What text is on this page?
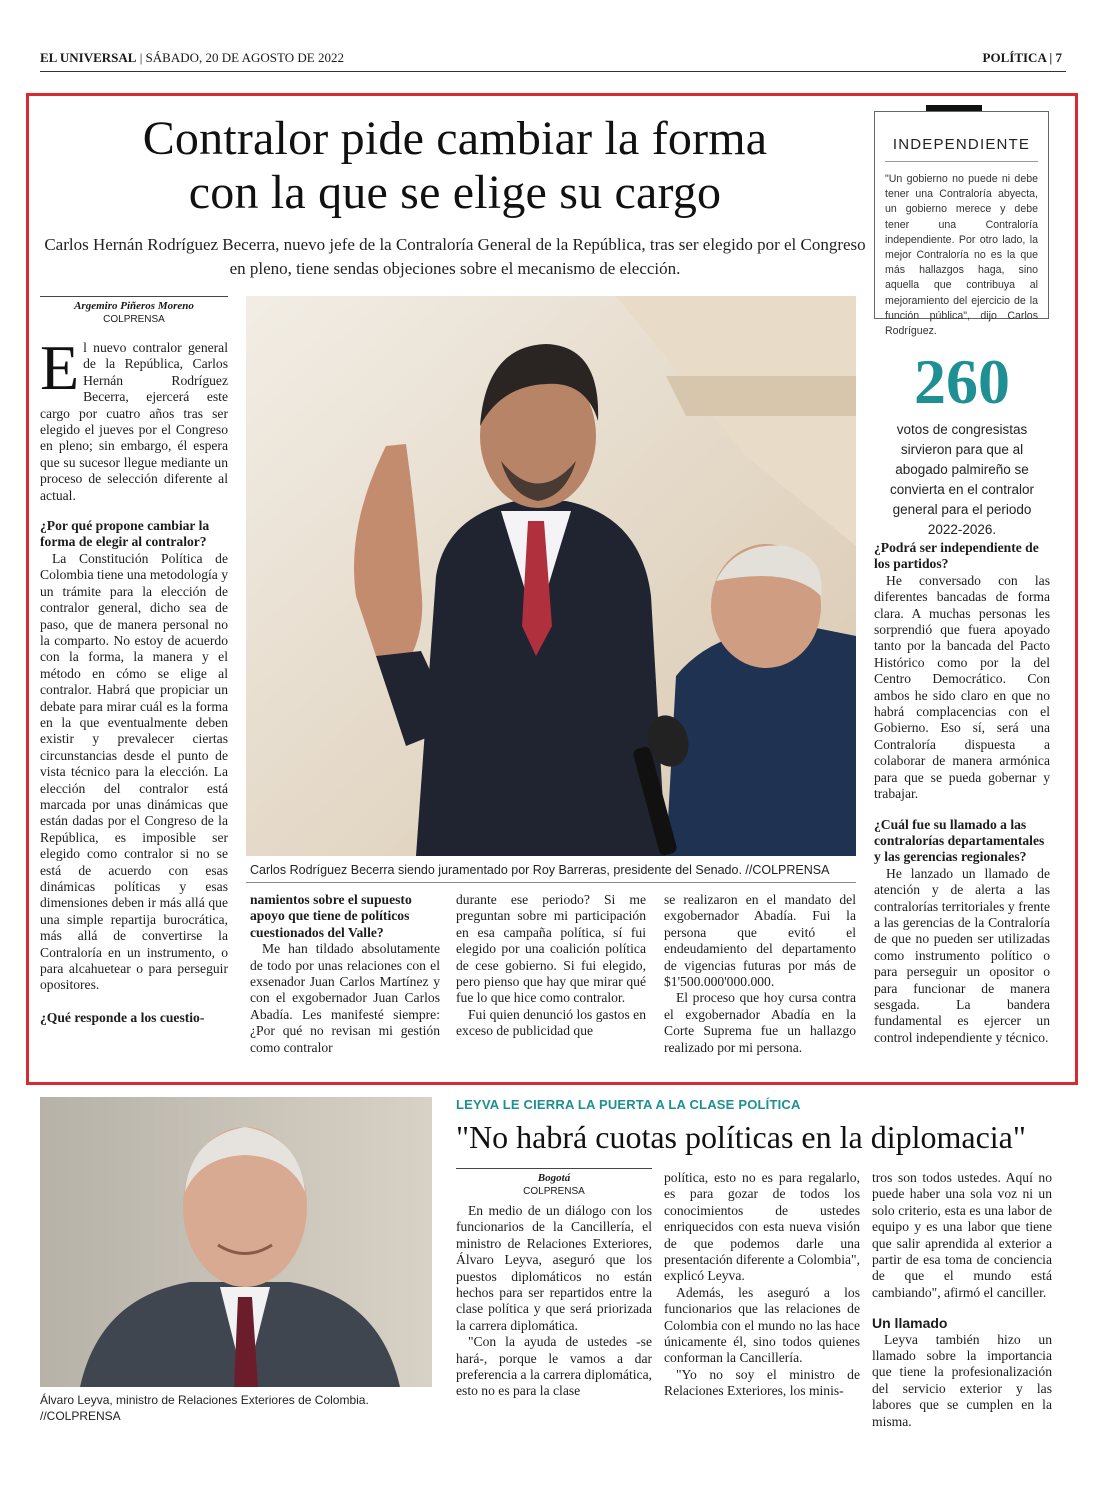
EL UNIVERSAL | SÁBADO, 20 DE AGOSTO DE 2022	POLÍTICA | 7
Contralor pide cambiar la forma
con la que se elige su cargo
Carlos Hernán Rodríguez Becerra, nuevo jefe de la Contraloría General de la República, tras ser elegido por el Congreso en pleno, tiene sendas objeciones sobre el mecanismo de elección.
Argemiro Piñeros Moreno
COLPRENSA

El nuevo contralor general de la República, Carlos Hernán Rodríguez Becerra, ejercerá este cargo por cuatro años tras ser elegido el jueves por el Congreso en pleno; sin embargo, él espera que su sucesor llegue mediante un proceso de selección diferente al actual.

¿Por qué propone cambiar la forma de elegir al contralor?

La Constitución Política de Colombia tiene una metodología y un trámite para la elección de contralor general, dicho sea de paso, que de manera personal no la comparto. No estoy de acuerdo con la forma, la manera y el método en cómo se elige al contralor. Habrá que propiciar un debate para mirar cuál es la forma en la que eventualmente deben existir y prevalecer ciertas circunstancias desde el punto de vista técnico para la elección. La elección del contralor está marcada por unas dinámicas que están dadas por el Congreso de la República, es imposible ser elegido como contralor si no se está de acuerdo con esas dinámicas políticas y esas dimensiones deben ir más allá que una simple repartija burocrática, más allá de convertirse la Contraloría en un instrumento, o para alcahuetear o para perseguir opositores.

¿Qué responde a los cuestio-
Carlos Rodríguez Becerra siendo juramentado por Roy Barreras, presidente del Senado. //COLPRENSA
namientos sobre el supuesto apoyo que tiene de políticos cuestionados del Valle?

Me han tildado absolutamente de todo por unas relaciones con el exsenador Juan Carlos Martínez y con el exgobernador Juan Carlos Abadía. Les manifesté siempre: ¿Por qué no revisan mi gestión como contralor

durante ese periodo? Si me preguntan sobre mi participación en esa campaña política, sí fui elegido por una coalición política de cese gobierno. Si fui elegido, pero pienso que hay que mirar qué fue lo que hice como contralor.

Fui quien denunció los gastos en exceso de publicidad que

se realizaron en el mandato del exgobernador Abadía. Fui la persona que evitó el endeudamiento del departamento de vigencias futuras por más de $1'500.000'000.000.

El proceso que hoy cursa contra el exgobernador Abadía en la Corte Suprema fue un hallazgo realizado por mi persona.

INDEPENDIENTE
"Un gobierno no puede ni debe tener una Contraloría abyecta, un gobierno merece y debe tener una Contraloría independiente. Por otro lado, la mejor Contraloría no es la que más hallazgos haga, sino aquella que contribuya al mejoramiento del ejercicio de la función pública", dijo Carlos Rodríguez.
260
votos de congresistas sirvieron para que al abogado palmireño se convierta en el contralor general para el periodo 2022-2026.
¿Podrá ser independiente de los partidos?

He conversado con las diferentes bancadas de forma clara. A muchas personas les sorprendió que fuera apoyado tanto por la bancada del Pacto Histórico como por la del Centro Democrático. Con ambos he sido claro en que no habrá complacencias con el Gobierno. Eso sí, será una Contraloría dispuesta a colaborar de manera armónica para que se pueda gobernar y trabajar.

¿Cuál fue su llamado a las contralorías departamentales y las gerencias regionales?

He lanzado un llamado de atención y de alerta a las contralorías territoriales y frente a las gerencias de la Contraloría de que no pueden ser utilizadas como instrumento político o para perseguir un opositor o para funcionar de manera sesgada. La bandera fundamental es ejercer un control independiente y técnico.

Álvaro Leyva, ministro de Relaciones Exteriores de Colombia. //COLPRENSA
LEYVA LE CIERRA LA PUERTA A LA CLASE POLÍTICA
"No habrá cuotas políticas en la diplomacia"
Bogotá
COLPRENSA

En medio de un diálogo con los funcionarios de la Cancillería, el ministro de Relaciones Exteriores, Álvaro Leyva, aseguró que los puestos diplomáticos no están hechos para ser repartidos entre la clase política y que será priorizada la carrera diplomática.

"Con la ayuda de ustedes -se hará-, porque le vamos a dar preferencia a la carrera diplomática, esto no es para la clase

política, esto no es para regalarlo, es para gozar de todos los conocimientos de ustedes enriquecidos con esta nueva visión de que podemos darle una presentación diferente a Colombia", explicó Leyva.

Además, les aseguró a los funcionarios que las relaciones de Colombia con el mundo no las hace únicamente él, sino todos quienes conforman la Cancillería.

"Yo no soy el ministro de Relaciones Exteriores, los minis-

tros son todos ustedes. Aquí no puede haber una sola voz ni un solo criterio, esta es una labor de equipo y es una labor que tiene que salir aprendida al exterior a partir de esa toma de conciencia de que el mundo está cambiando", afirmó el canciller.

Un llamado

Leyva también hizo un llamado sobre la importancia que tiene la profesionalización del servicio exterior y las labores que se cumplen en la misma.
